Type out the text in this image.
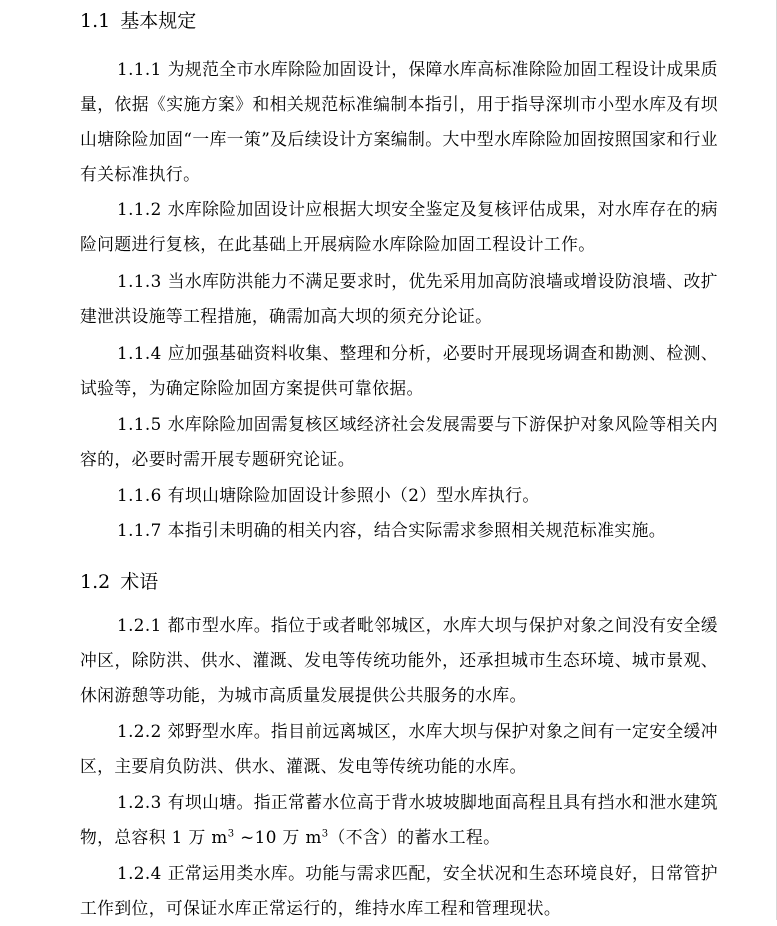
1.1 基本规定

1.1.1 为规范全市水库除险加固设计，保障水库高标准除险加固工程设计成果质量，依据《实施方案》和相关规范标准编制本指引，用于指导深圳市小型水库及有坝山塘除险加固“一库一策”及后续设计方案编制。大中型水库除险加固按照国家和行业有关标准执行。

1.1.2 水库除险加固设计应根据大坝安全鉴定及复核评估成果，对水库存在的病险问题进行复核，在此基础上开展病险水库除险加固工程设计工作。

1.1.3 当水库防洪能力不满足要求时，优先采用加高防浪墙或增设防浪墙、改扩建泄洪设施等工程措施，确需加高大坝的须充分论证。

1.1.4 应加强基础资料收集、整理和分析，必要时开展现场调查和勘测、检测、试验等，为确定除险加固方案提供可靠依据。

1.1.5 水库除险加固需复核区域经济社会发展需要与下游保护对象风险等相关内容的，必要时需开展专题研究论证。

1.1.6 有坝山塘除险加固设计参照小（2）型水库执行。

1.1.7 本指引未明确的相关内容，结合实际需求参照相关规范标准实施。

1.2 术语

1.2.1 都市型水库。指位于或者毗邻城区，水库大坝与保护对象之间没有安全缓冲区，除防洪、供水、灌溉、发电等传统功能外，还承担城市生态环境、城市景观、休闲游憩等功能，为城市高质量发展提供公共服务的水库。

1.2.2 郊野型水库。指目前远离城区，水库大坝与保护对象之间有一定安全缓冲区，主要肩负防洪、供水、灌溉、发电等传统功能的水库。

1.2.3 有坝山塘。指正常蓄水位高于背水坡坡脚地面高程且具有挡水和泄水建筑物，总容积 1 万 $m^3$ ~10 万 $m^3$（不含）的蓄水工程。

1.2.4 正常运用类水库。功能与需求匹配，安全状况和生态环境良好，日常管护工作到位，可保证水库正常运行的，维持水库工程和管理现状。
